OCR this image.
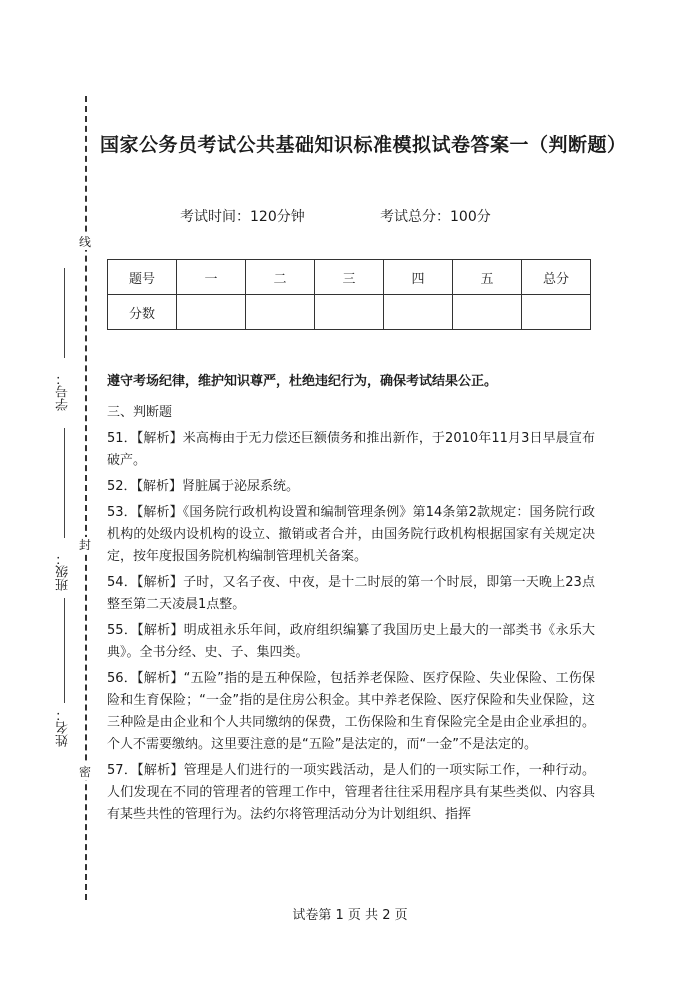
线
封
密
学号：
班级：
姓名：
国家公务员考试公共基础知识标准模拟试卷答案一（判断题）
考试时间：120分钟	考试总分：100分
题号	一	二	三	四	五	总分
分数						
遵守考场纪律，维护知识尊严，杜绝违纪行为，确保考试结果公正。

三、判断题

51．【解析】米高梅由于无力偿还巨额债务和推出新作，于2010年11月3日早晨宣布破产。

52．【解析】肾脏属于泌尿系统。

53．【解析】《国务院行政机构设置和编制管理条例》第14条第2款规定：国务院行政机构的处级内设机构的设立、撤销或者合并，由国务院行政机构根据国家有关规定决定，按年度报国务院机构编制管理机关备案。

54．【解析】子时，又名子夜、中夜，是十二时辰的第一个时辰，即第一天晚上23点整至第二天凌晨1点整。

55．【解析】明成祖永乐年间，政府组织编纂了我国历史上最大的一部类书《永乐大典》。全书分经、史、子、集四类。

56．【解析】“五险”指的是五种保险，包括养老保险、医疗保险、失业保险、工伤保险和生育保险；“一金”指的是住房公积金。其中养老保险、医疗保险和失业保险，这三种险是由企业和个人共同缴纳的保费，工伤保险和生育保险完全是由企业承担的。个人不需要缴纳。这里要注意的是“五险”是法定的，而“一金”不是法定的。

57．【解析】管理是人们进行的一项实践活动，是人们的一项实际工作，一种行动。人们发现在不同的管理者的管理工作中，管理者往往采用程序具有某些类似、内容具有某些共性的管理行为。法约尔将管理活动分为计划组织、指挥

试卷第 1 页 共 2 页
